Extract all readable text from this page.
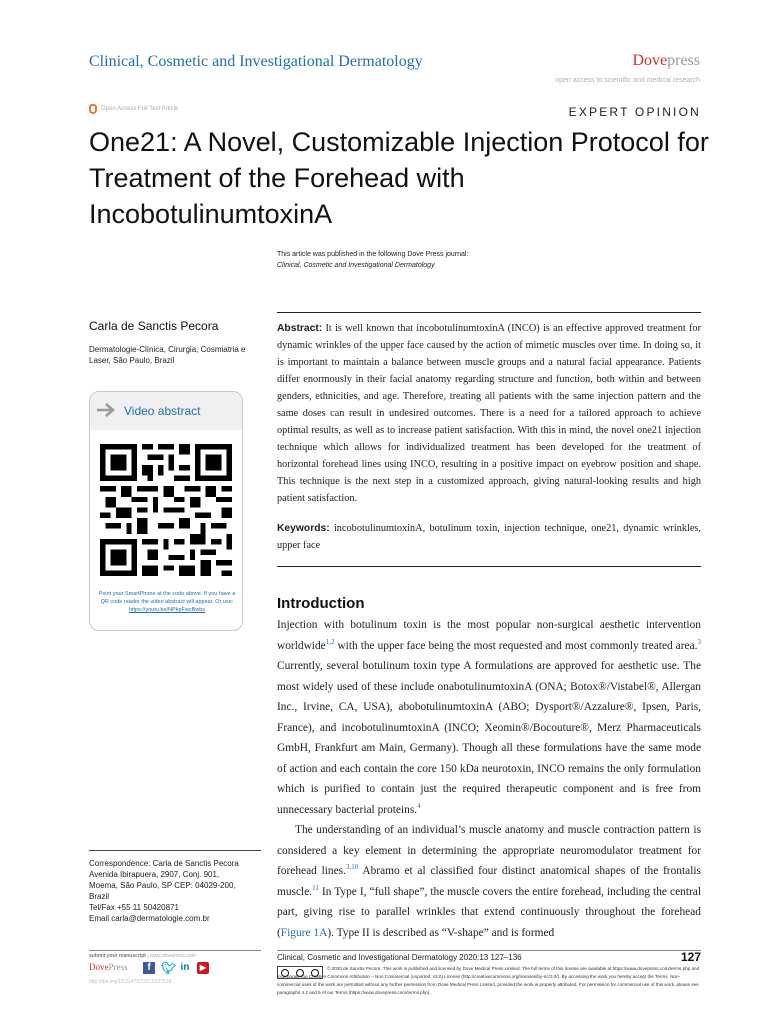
Clinical, Cosmetic and Investigational Dermatology	Dovepress
open access to scientific and medical research
Open Access Full Text Article	EXPERT OPINION
One21: A Novel, Customizable Injection Protocol for Treatment of the Forehead with IncobotulinumtoxinA
This article was published in the following Dove Press journal:
Clinical, Cosmetic and Investigational Dermatology
Carla de Sanctis Pecora
Dermatologie-Clínica, Cirurgia, Cosmiatria e Laser, São Paulo, Brazil
Video abstract
Point your SmartPhone at the code above. If you have a QR code reader the video abstract will appear. Or use:
https://youtu.be/NPkpFwcBwbs
Abstract: It is well known that incobotulinumtoxinA (INCO) is an effective approved treatment for dynamic wrinkles of the upper face caused by the action of mimetic muscles over time. In doing so, it is important to maintain a balance between muscle groups and a natural facial appearance. Patients differ enormously in their facial anatomy regarding structure and function, both within and between genders, ethnicities, and age. Therefore, treating all patients with the same injection pattern and the same doses can result in undesired outcomes. There is a need for a tailored approach to achieve optimal results, as well as to increase patient satisfaction. With this in mind, the novel one21 injection technique which allows for individualized treatment has been developed for the treatment of horizontal forehead lines using INCO, resulting in a positive impact on eyebrow position and shape. This technique is the next step in a customized approach, giving natural-looking results and high patient satisfaction.
Keywords: incobotulinumtoxinA, botulinum toxin, injection technique, one21, dynamic wrinkles, upper face
Introduction

Injection with botulinum toxin is the most popular non-surgical aesthetic intervention worldwide$^{1,2}$ with the upper face being the most requested and most commonly treated area.$^3$ Currently, several botulinum toxin type A formulations are approved for aesthetic use. The most widely used of these include onabotulinumtoxinA (ONA; Botox®/Vistabel®, Allergan Inc., Irvine, CA, USA), abobotulinumtoxinA (ABO; Dysport®/Azzalure®, Ipsen, Paris, France), and incobotulinumtoxinA (INCO; Xeomin®/Bocouture®, Merz Pharmaceuticals GmbH, Frankfurt am Main, Germany). Though all these formulations have the same mode of action and each contain the core 150 kDa neurotoxin, INCO remains the only formulation which is purified to contain just the required therapeutic component and is free from unnecessary bacterial proteins.$^4$

The understanding of an individual’s muscle anatomy and muscle contraction pattern is considered a key element in determining the appropriate neuromodulator treatment for forehead lines.$^{3,10}$ Abramo et al classified four distinct anatomical shapes of the frontalis muscle.$^{11}$ In Type I, “full shape”, the muscle covers the entire forehead, including the central part, giving rise to parallel wrinkles that extend continuously throughout the forehead (Figure 1A). Type II is described as “V-shape” and is formed

Correspondence: Carla de Sanctis Pecora
Avenida Ibirapuera, 2907, Conj. 901,
Moema, São Paulo, SP CEP: 04029-200,
Brazil
Tel/Fax +55 11 50420871
Email carla@dermatologie.com.br
submit your manuscript | www.dovepress.com
DovePress	f 🐦︎ in	▶
http://doi.org/10.2147/CCID.S237519
Clinical, Cosmetic and Investigational Dermatology 2020:13 127–136	127
© 2020 de Sanctis Pecora. This work is published and licensed by Dove Medical Press Limited. The full terms of this license are available at https://www.dovepress.com/terms.php and incorporate the Creative Commons Attribution – Non Commercial (unported, v3.0) License (http://creativecommons.org/licenses/by-nc/3.0/). By accessing the work you hereby accept the Terms. Non-commercial uses of the work are permitted without any further permission from Dove Medical Press Limited, provided the work is properly attributed. For permission for commercial use of this work, please see paragraphs 4.2 and 5 of our Terms (https://www.dovepress.com/terms.php).
